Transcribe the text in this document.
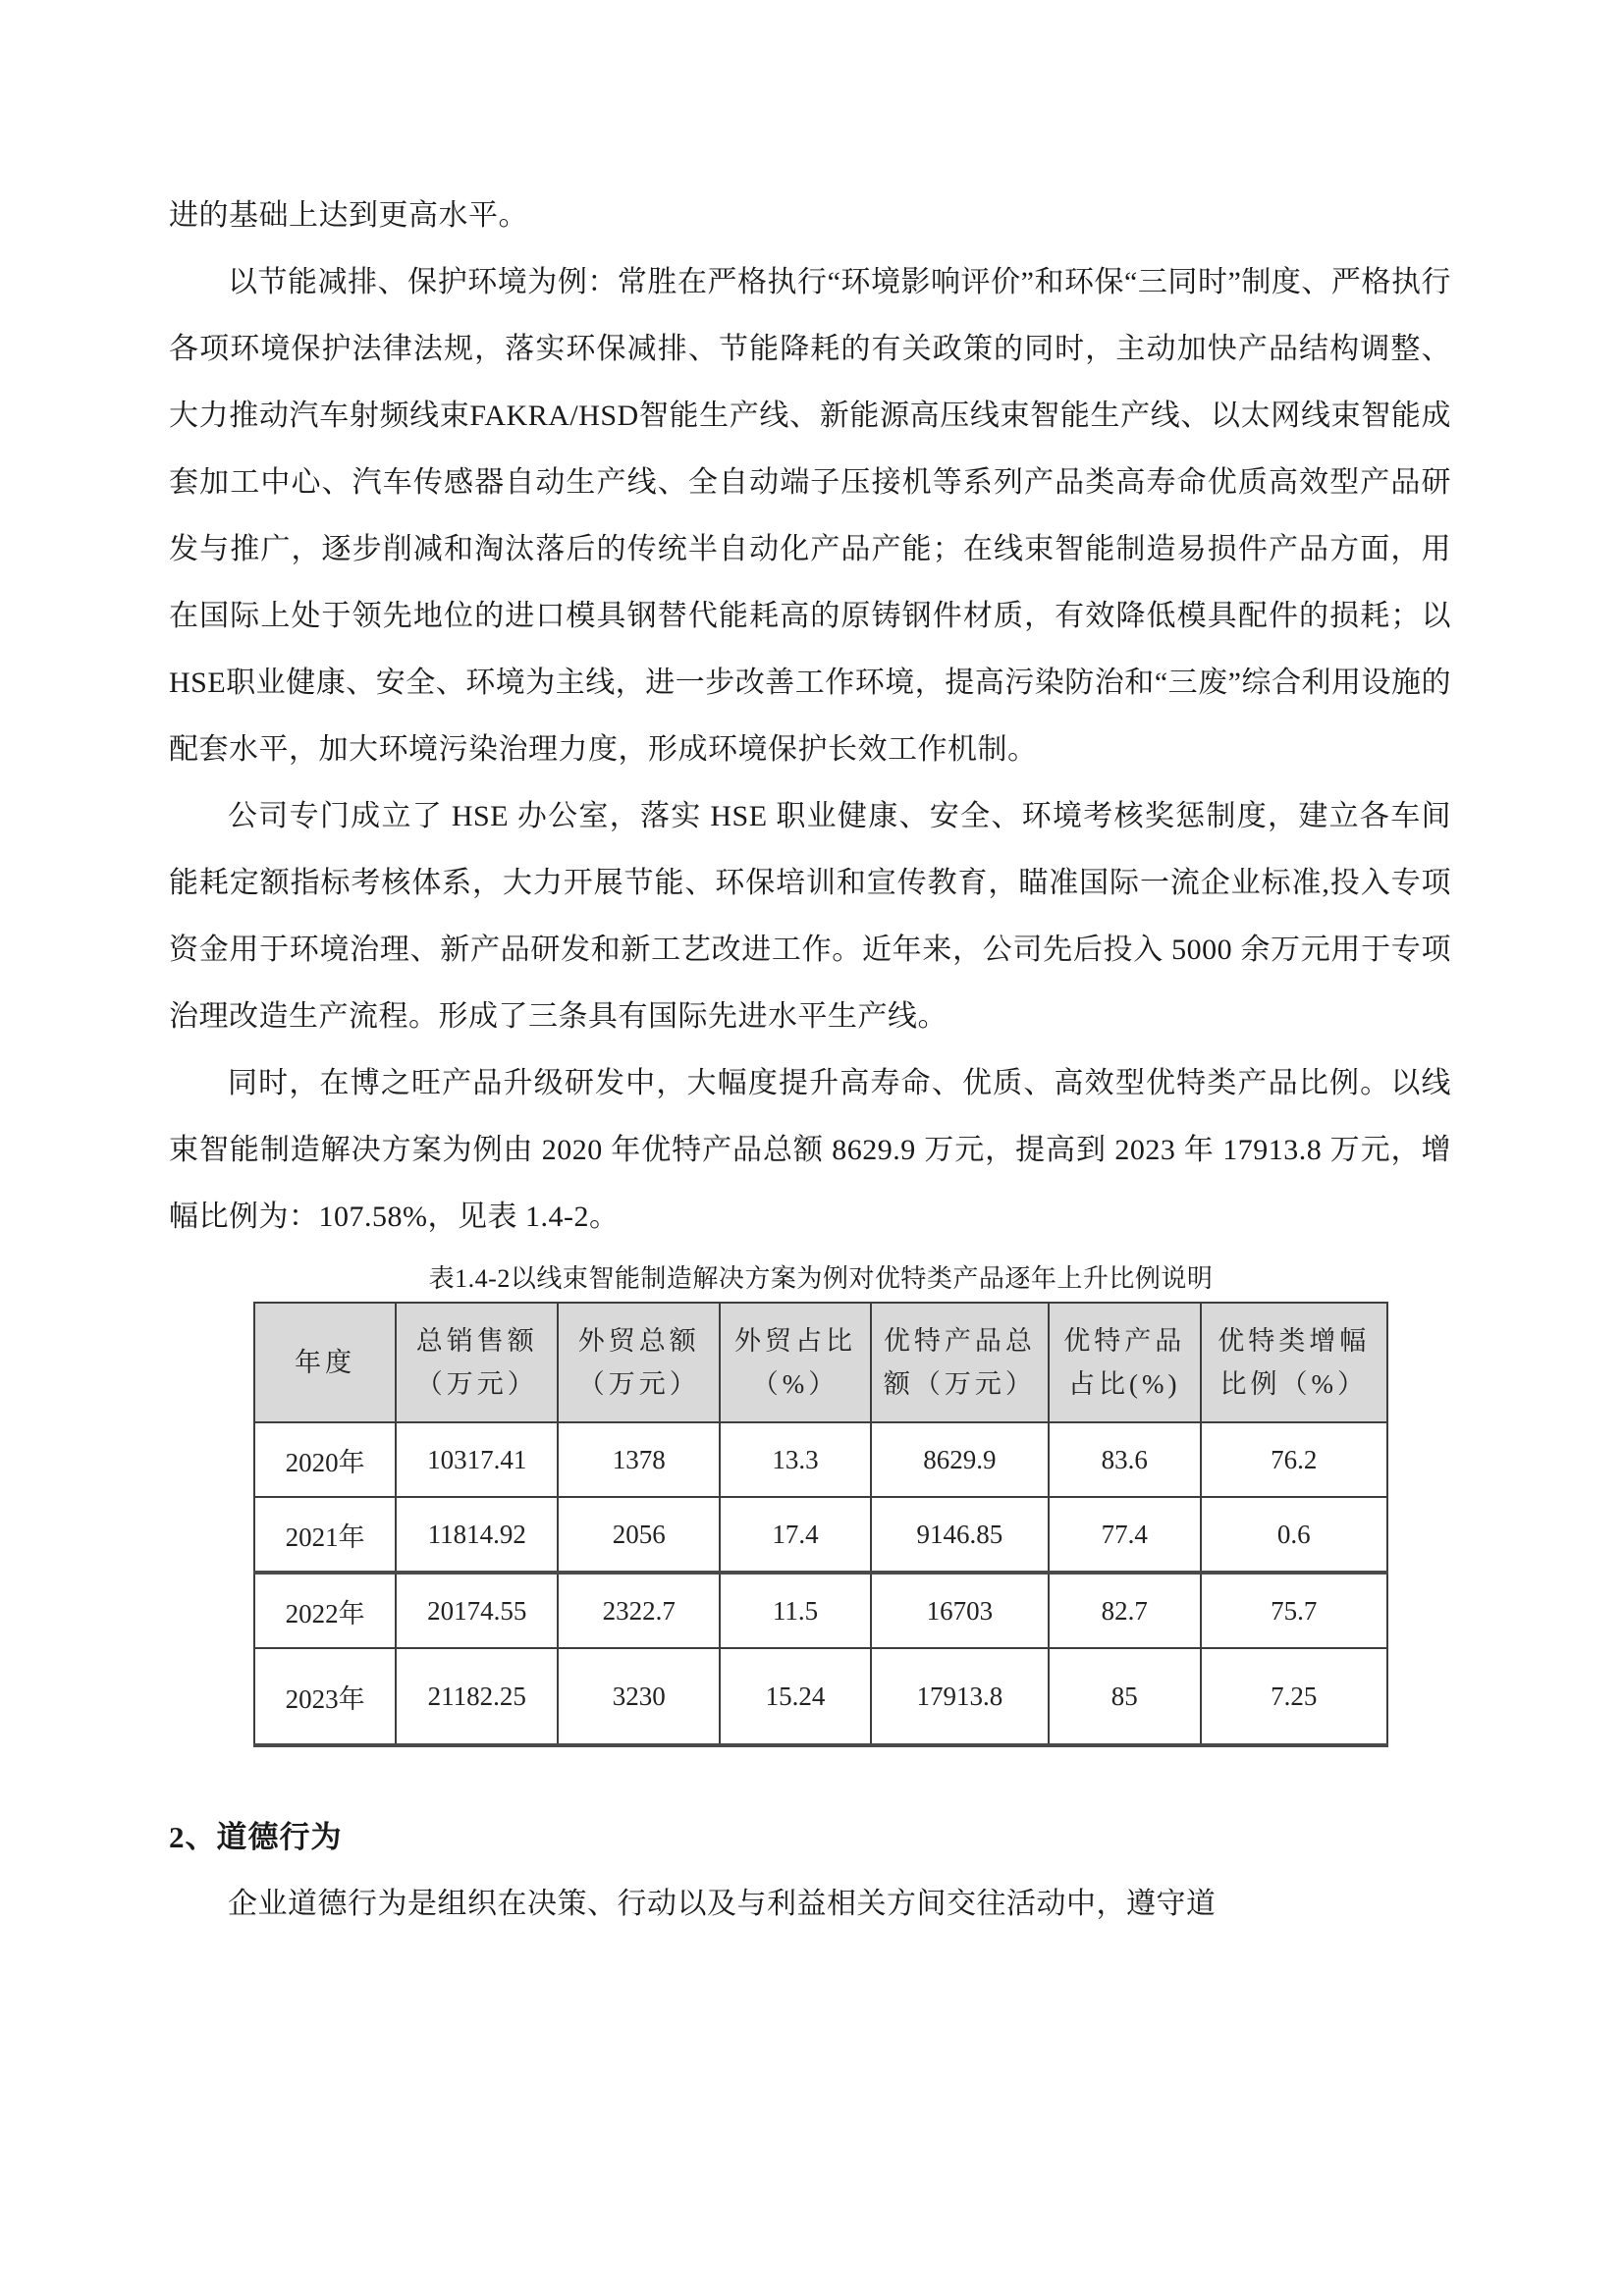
进的基础上达到更高水平。

以节能减排、保护环境为例：常胜在严格执行“环境影响评价”和环保“三同时”制度、严格执行各项环境保护法律法规，落实环保减排、节能降耗的有关政策的同时，主动加快产品结构调整、大力推动汽车射频线束FAKRA/HSD智能生产线、新能源高压线束智能生产线、以太网线束智能成套加工中心、汽车传感器自动生产线、全自动端子压接机等系列产品类高寿命优质高效型产品研发与推广，逐步削减和淘汰落后的传统半自动化产品产能；在线束智能制造易损件产品方面，用在国际上处于领先地位的进口模具钢替代能耗高的原铸钢件材质，有效降低模具配件的损耗；以HSE职业健康、安全、环境为主线，进一步改善工作环境，提高污染防治和“三废”综合利用设施的配套水平，加大环境污染治理力度，形成环境保护长效工作机制。

公司专门成立了 HSE 办公室，落实 HSE 职业健康、安全、环境考核奖惩制度，建立各车间能耗定额指标考核体系，大力开展节能、环保培训和宣传教育，瞄准国际一流企业标准,投入专项资金用于环境治理、新产品研发和新工艺改进工作。近年来，公司先后投入 5000 余万元用于专项治理改造生产流程。形成了三条具有国际先进水平生产线。

同时，在博之旺产品升级研发中，大幅度提升高寿命、优质、高效型优特类产品比例。以线束智能制造解决方案为例由 2020 年优特产品总额 8629.9 万元，提高到 2023 年 17913.8 万元，增幅比例为：107.58%，见表 1.4-2。

表1.4-2以线束智能制造解决方案为例对优特类产品逐年上升比例说明
年度	总销售额（万元）	外贸总额（万元）	外贸占比（%）	优特产品总额（万元）	优特产品占比(%)	优特类增幅比例（%）
2020年	10317.41	1378	13.3	8629.9	83.6	76.2
2021年	11814.92	2056	17.4	9146.85	77.4	0.6
2022年	20174.55	2322.7	11.5	16703	82.7	75.7
2023年	21182.25	3230	15.24	17913.8	85	7.25
2、道德行为

企业道德行为是组织在决策、行动以及与利益相关方间交往活动中，遵守道
